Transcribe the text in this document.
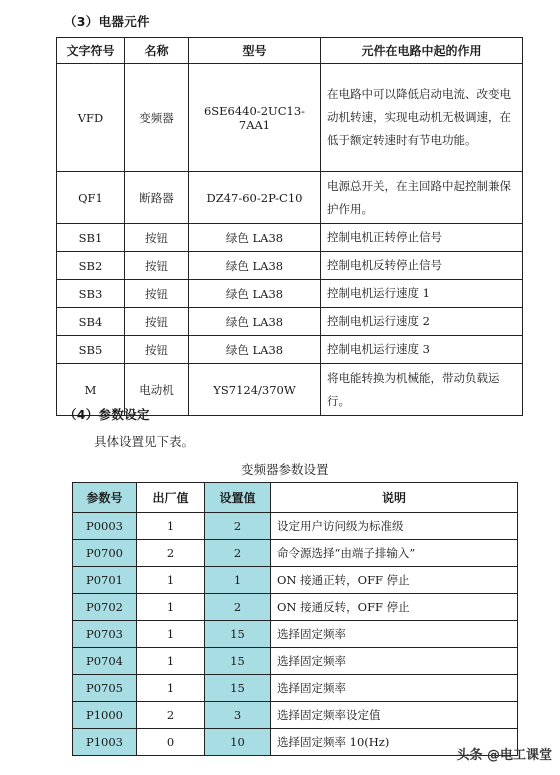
（3）电器元件
文字符号	名称	型号	元件在电路中起的作用
VFD	变频器	6SE6440-2UC13-7AA1	在电路中可以降低启动电流、改变电动机转速，实现电动机无极调速，在低于额定转速时有节电功能。
QF1	断路器	DZ47-60-2P-C10	电源总开关，在主回路中起控制兼保护作用。
SB1	按钮	绿色 LA38	控制电机正转停止信号
SB2	按钮	绿色 LA38	控制电机反转停止信号
SB3	按钮	绿色 LA38	控制电机运行速度 1
SB4	按钮	绿色 LA38	控制电机运行速度 2
SB5	按钮	绿色 LA38	控制电机运行速度 3
M	电动机	YS7124/370W	将电能转换为机械能，带动负载运行。
（4）参数设定
具体设置见下表。
变频器参数设置
参数号	出厂值	设置值	说明
P0003	1	2	设定用户访问级为标准级
P0700	2	2	命令源选择“由端子排输入”
P0701	1	1	ON 接通正转，OFF 停止
P0702	1	2	ON 接通反转，OFF 停止
P0703	1	15	选择固定频率
P0704	1	15	选择固定频率
P0705	1	15	选择固定频率
P1000	2	3	选择固定频率设定值
P1003	0	10	选择固定频率 10(Hz)
头条 @电工课堂
